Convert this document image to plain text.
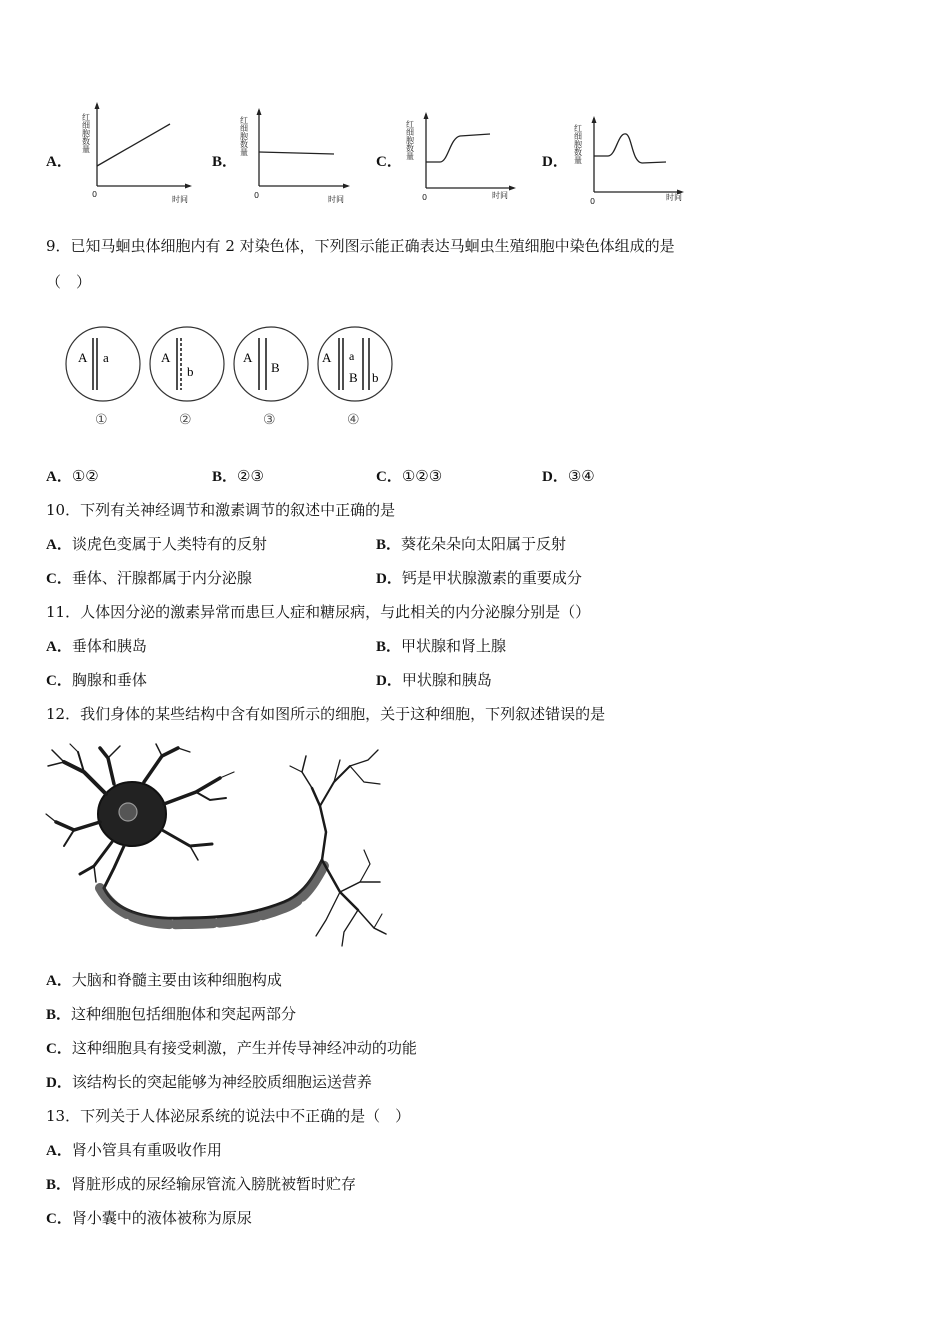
A．	B．	C．	D．
红细胞数量
0
时间
红细胞数量
0	时间
红细胞数量
0	时间
红细胞数量
0	时间
9．已知马蛔虫体细胞内有 2 对染色体，下列图示能正确表达马蛔虫生殖细胞中染色体组成的是
（　）
A a
①
A
b
②
A
B
③
A a
B b
④
A．①②	B．②③	C．①②③	D．③④
10．下列有关神经调节和激素调节的叙述中正确的是
A．谈虎色变属于人类特有的反射	B．葵花朵朵向太阳属于反射
C．垂体、汗腺都属于内分泌腺	D．钙是甲状腺激素的重要成分
11．人体因分泌的激素异常而患巨人症和糖尿病，与此相关的内分泌腺分别是（）
A．垂体和胰岛	B．甲状腺和肾上腺
C．胸腺和垂体	D．甲状腺和胰岛
12．我们身体的某些结构中含有如图所示的细胞，关于这种细胞，下列叙述错误的是
A．大脑和脊髓主要由该种细胞构成
B．这种细胞包括细胞体和突起两部分
C．这种细胞具有接受刺激，产生并传导神经冲动的功能
D．该结构长的突起能够为神经胶质细胞运送营养
13．下列关于人体泌尿系统的说法中不正确的是（　）
A．肾小管具有重吸收作用
B．肾脏形成的尿经输尿管流入膀胱被暂时贮存
C．肾小囊中的液体被称为原尿
